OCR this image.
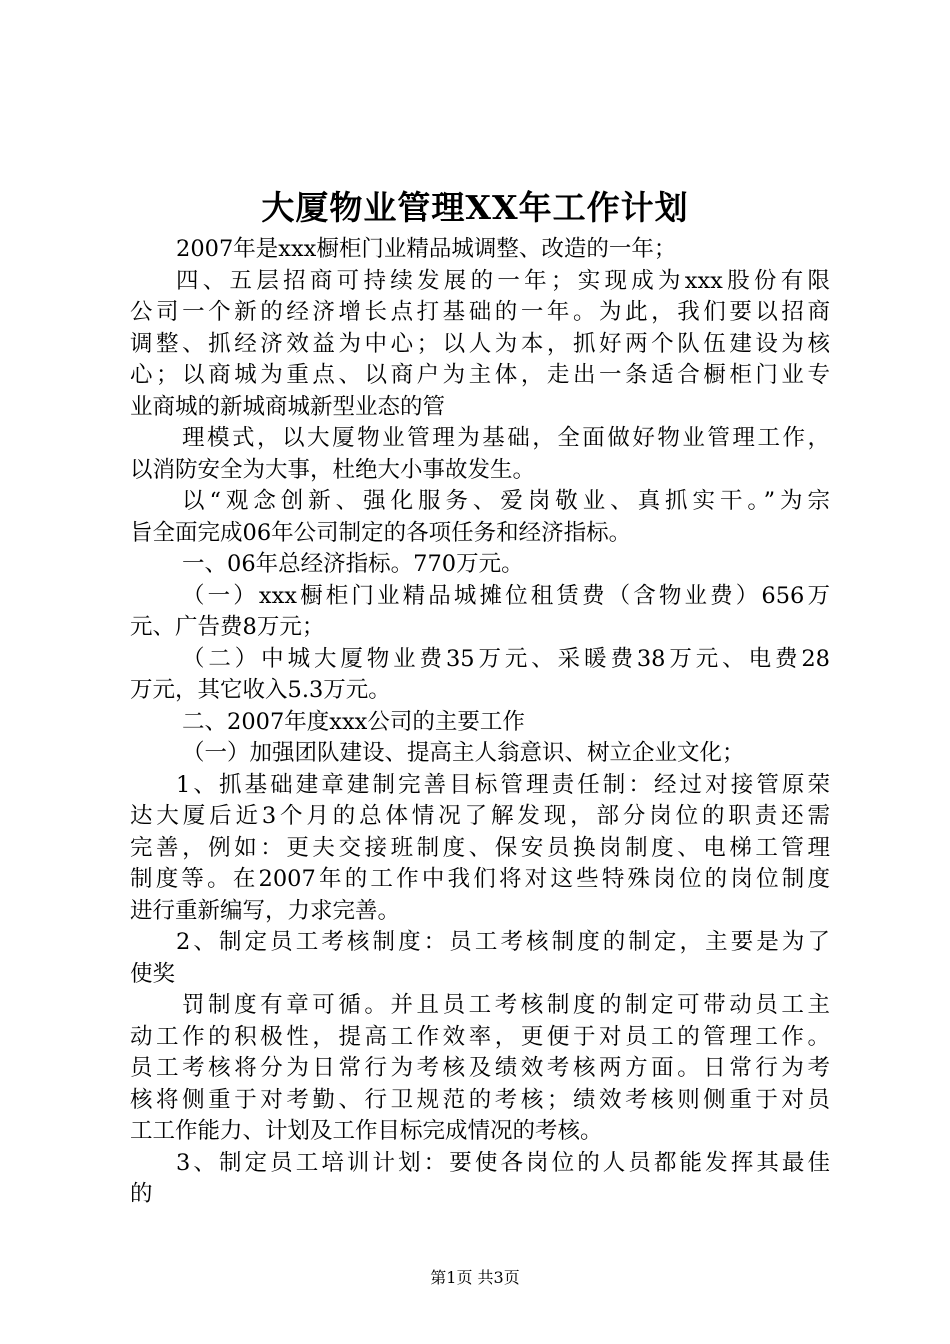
大厦物业管理XX年工作计划
2007年是xxx橱柜门业精品城调整、改造的一年；
四、五层招商可持续发展的一年；实现成为xxx股份有限
公司一个新的经济增长点打基础的一年。为此，我们要以招商
调整、抓经济效益为中心；以人为本，抓好两个队伍建设为核
心；以商城为重点、以商户为主体，走出一条适合橱柜门业专
业商城的新城商城新型业态的管
理模式，以大厦物业管理为基础，全面做好物业管理工作，
以消防安全为大事，杜绝大小事故发生。
以“观念创新、强化服务、爱岗敬业、真抓实干。”为宗
旨全面完成06年公司制定的各项任务和经济指标。
一、06年总经济指标。770万元。
（一）xxx橱柜门业精品城摊位租赁费（含物业费）656万
元、广告费8万元；
（二）中城大厦物业费35万元、采暖费38万元、电费28
万元，其它收入5.3万元。
二、2007年度xxx公司的主要工作
（一）加强团队建设、提高主人翁意识、树立企业文化；
1、抓基础建章建制完善目标管理责任制：经过对接管原荣
达大厦后近3个月的总体情况了解发现，部分岗位的职责还需
完善，例如：更夫交接班制度、保安员换岗制度、电梯工管理
制度等。在2007年的工作中我们将对这些特殊岗位的岗位制度
进行重新编写，力求完善。
2、制定员工考核制度：员工考核制度的制定，主要是为了
使奖
罚制度有章可循。并且员工考核制度的制定可带动员工主
动工作的积极性，提高工作效率，更便于对员工的管理工作。
员工考核将分为日常行为考核及绩效考核两方面。日常行为考
核将侧重于对考勤、行卫规范的考核；绩效考核则侧重于对员
工工作能力、计划及工作目标完成情况的考核。
3、制定员工培训计划：要使各岗位的人员都能发挥其最佳
的
第1页 共3页
